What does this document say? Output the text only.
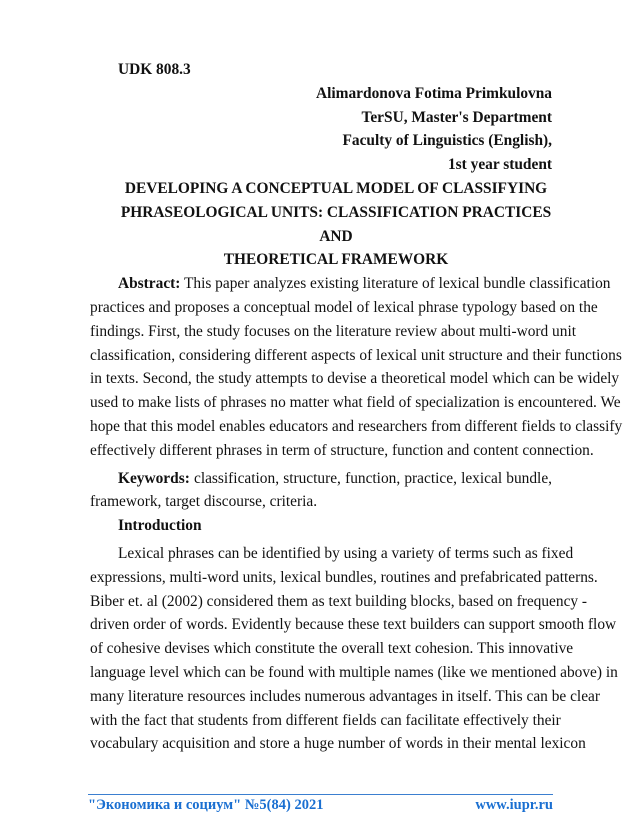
UDK 808.3
Alimardonova Fotima Primkulovna
TerSU, Master's Department
Faculty of Linguistics (English),
1st year student
DEVELOPING A CONCEPTUAL MODEL OF CLASSIFYING
PHRASEOLOGICAL UNITS: CLASSIFICATION PRACTICES AND
THEORETICAL FRAMEWORK
Abstract: This paper analyzes existing literature of lexical bundle classification
practices and proposes a conceptual model of lexical phrase typology based on the
findings. First, the study focuses on the literature review about multi-word unit
classification, considering different aspects of lexical unit structure and their functions
in texts. Second, the study attempts to devise a theoretical model which can be widely
used to make lists of phrases no matter what field of specialization is encountered. We
hope that this model enables educators and researchers from different fields to classify
effectively different phrases in term of structure, function and content connection.
Keywords: classification, structure, function, practice, lexical bundle,
framework, target discourse, criteria.
Introduction
Lexical phrases can be identified by using a variety of terms such as fixed
expressions, multi-word units, lexical bundles, routines and prefabricated patterns.
Biber et. al (2002) considered them as text building blocks, based on frequency -
driven order of words. Evidently because these text builders can support smooth flow
of cohesive devises which constitute the overall text cohesion. This innovative
language level which can be found with multiple names (like we mentioned above) in
many literature resources includes numerous advantages in itself. This can be clear
with the fact that students from different fields can facilitate effectively their
vocabulary acquisition and store a huge number of words in their mental lexicon
"Экономика и социум" №5(84) 2021	www.iupr.ru
